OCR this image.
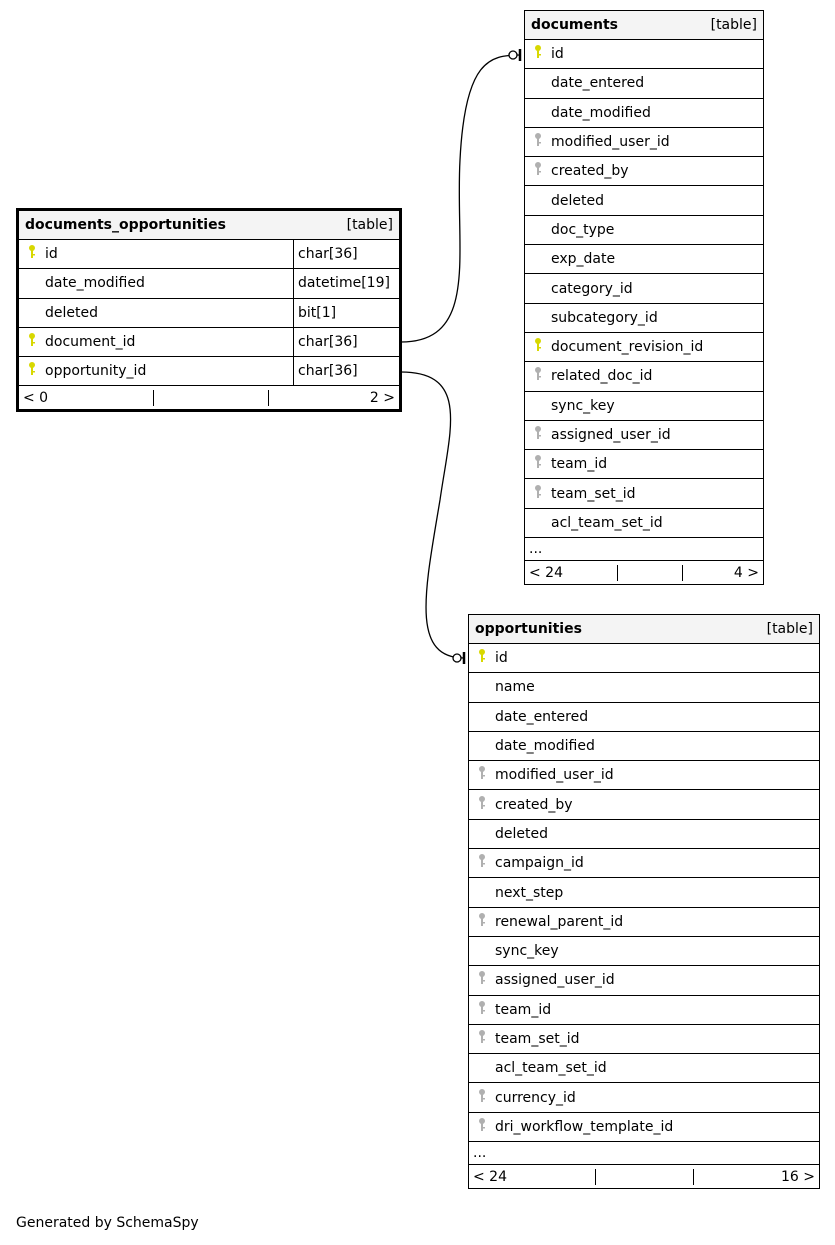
documents_opportunities	[table]
id	char[36]
date_modified	datetime[19]
deleted	bit[1]
document_id	char[36]
opportunity_id	char[36]
< 0	2 >
documents	[table]
id
date_entered
date_modified
modified_user_id
created_by
deleted
doc_type
exp_date
category_id
subcategory_id
document_revision_id
related_doc_id
sync_key
assigned_user_id
team_id
team_set_id
acl_team_set_id
...
< 24	4 >
opportunities	[table]
id
name
date_entered
date_modified
modified_user_id
created_by
deleted
campaign_id
next_step
renewal_parent_id
sync_key
assigned_user_id
team_id
team_set_id
acl_team_set_id
currency_id
dri_workflow_template_id
...
< 24	16 >
Generated by SchemaSpy
